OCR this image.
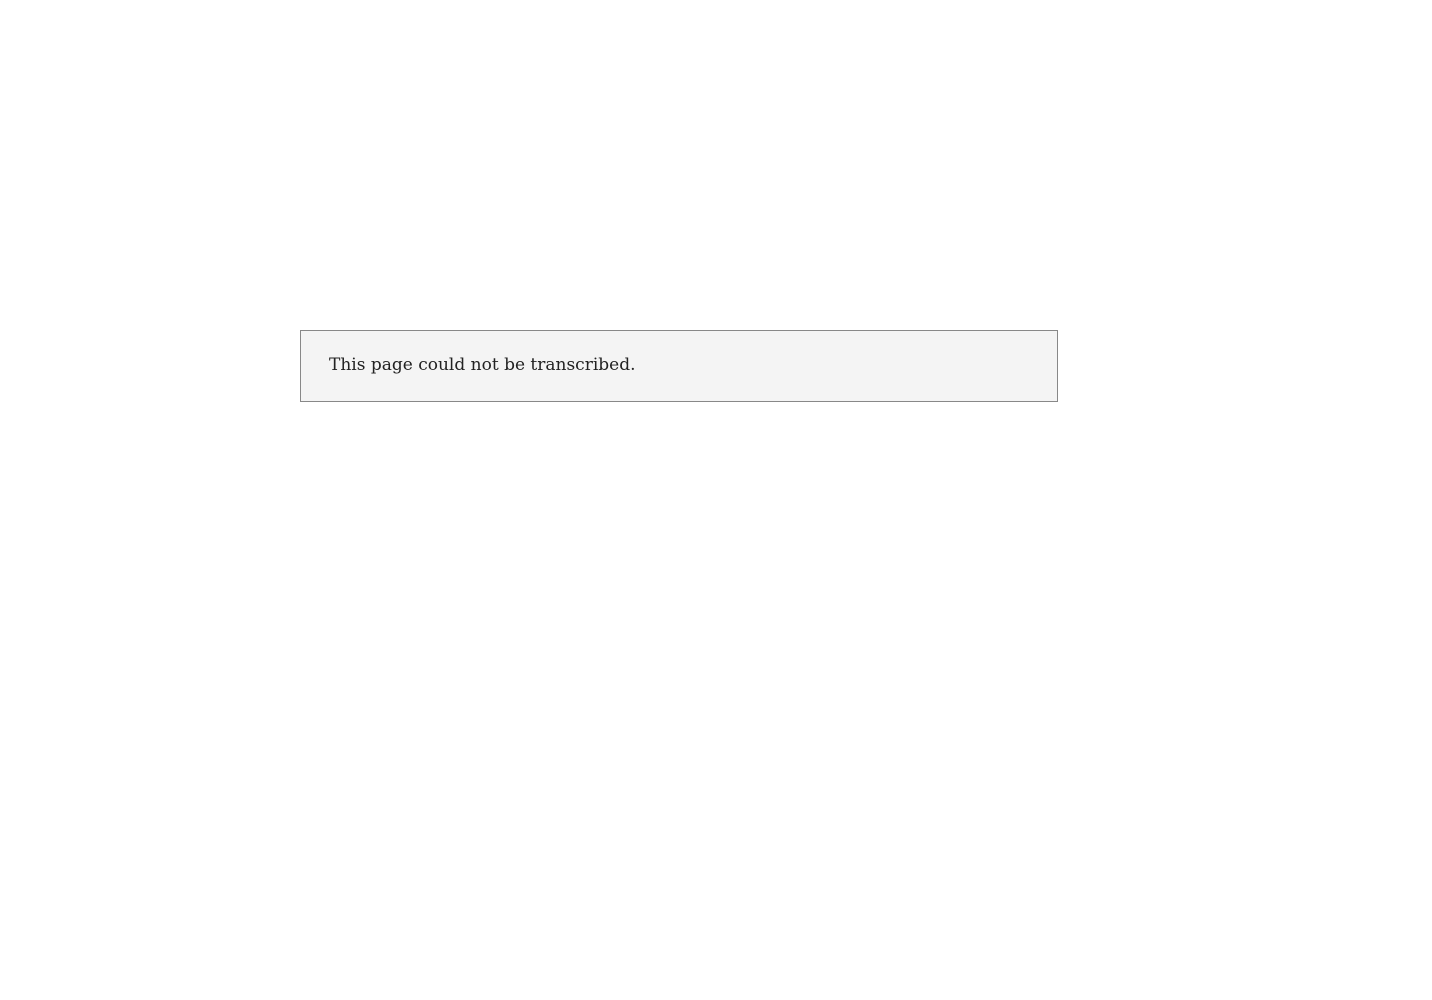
This page could not be transcribed.
